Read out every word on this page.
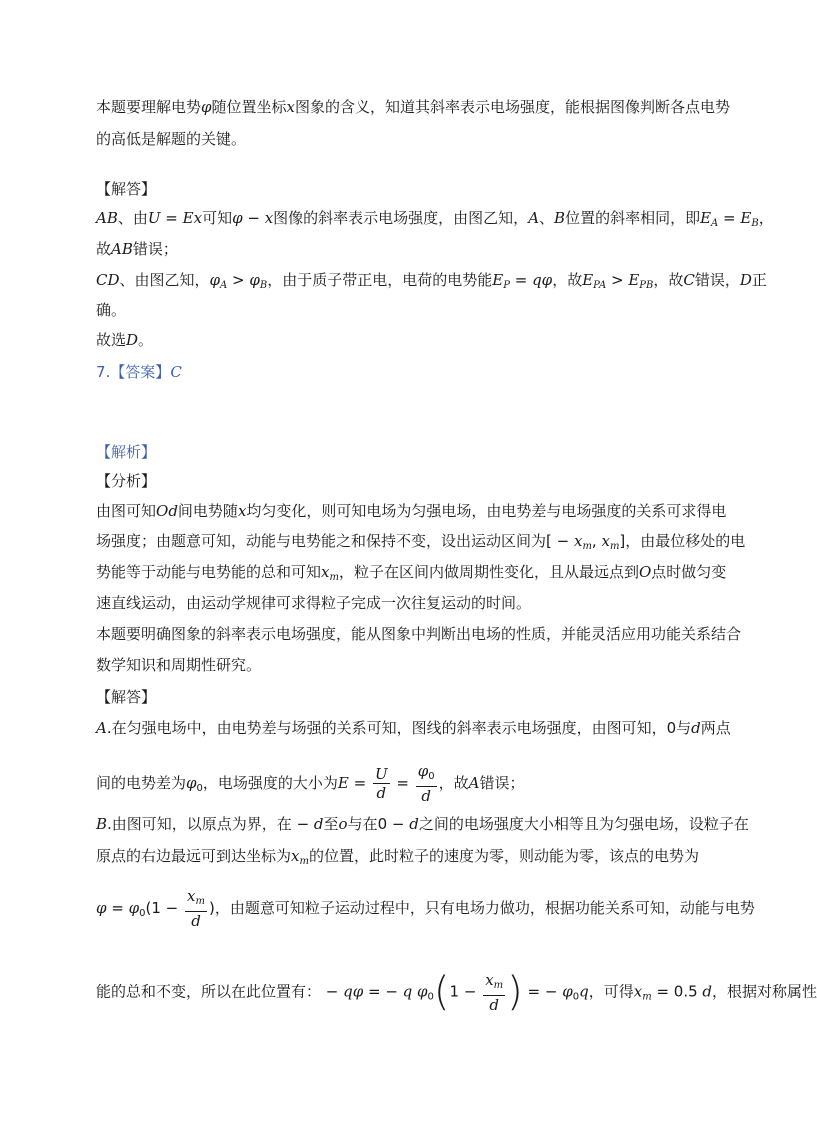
本题要理解电势φ随位置坐标x图象的含义，知道其斜率表示电场强度，能根据图像判断各点电势
的高低是解题的关键。
【解答】
AB、由U = Ex可知φ − x图像的斜率表示电场强度，由图乙知，A、B位置的斜率相同，即$E_A = E_B$，
故AB错误；
CD、由图乙知，$\varphi_A > \varphi_B$，由于质子带正电，电荷的电势能$E_P = q\varphi$，故$E_{PA} > E_{PB}$，故C错误，D正
确。
故选D。
7.【答案】C
【解析】
【分析】
由图可知Od间电势随x均匀变化，则可知电场为匀强电场，由电势差与电场强度的关系可求得电
场强度；由题意可知，动能与电势能之和保持不变，设出运动区间为[ − $x_m$, $x_m$]，由最位移处的电
势能等于动能与电势能的总和可知$x_m$，粒子在区间内做周期性变化，且从最远点到O点时做匀变
速直线运动，由运动学规律可求得粒子完成一次往复运动的时间。
本题要明确图象的斜率表示电场强度，能从图象中判断出电场的性质，并能灵活应用功能关系结合
数学知识和周期性研究。
【解答】
A.在匀强电场中，由电势差与场强的关系可知，图线的斜率表示电场强度，由图可知，0与d两点
间的电势差为$\varphi_0$，电场强度的大小为$E = \frac{U}{d} = \frac{\varphi_0}{d}$ ，故A错误；
B.由图可知，以原点为界，在 − d至o与在0 − d之间的电场强度大小相等且为匀强电场，设粒子在
原点的右边最远可到达坐标为$x_m$的位置，此时粒子的速度为零，则动能为零，该点的电势为
$\varphi = \varphi_0(1 - \frac{x_m}{d}$ )，由题意可知粒子运动过程中，只有电场力做功，根据功能关系可知，动能与电势
能的总和不变，所以在此位置有： − qφ = − q $\varphi_0(1 - \frac{x_m}{d}$ ) = − $\varphi_0q$，可得$x_m = 0.5$ d，根据对称属性
